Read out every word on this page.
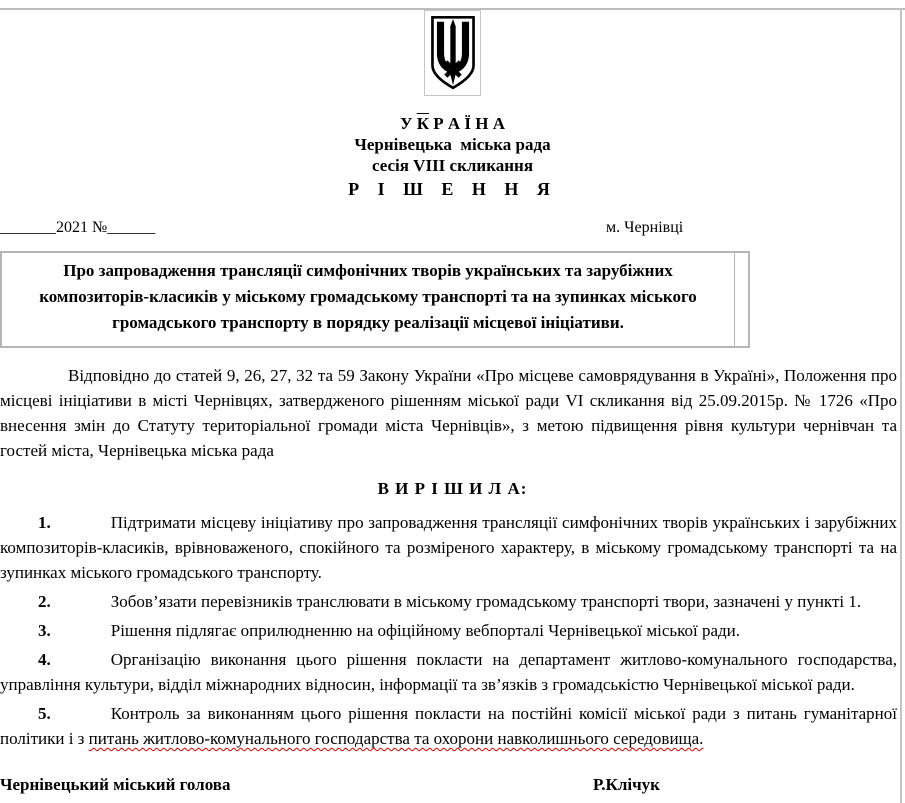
У К Р А Ї Н А
Чернівецька  міська рада
сесія VIII скликання
Р І Ш Е Н Н Я
_______2021 №______	м. Чернівці
Про запровадження трансляції симфонічних творів українських та зарубіжних композиторів-класиків у міському громадському транспорті та на зупинках міського громадського транспорту в порядку реалізації місцевої ініціативи.

Відповідно до статей 9, 26, 27, 32 та 59 Закону України «Про місцеве самоврядування в Україні», Положення про місцеві ініціативи в місті Чернівцях, затвердженого рішенням міської ради VI скликання від 25.09.2015р. № 1726 «Про внесення змін до Статуту територіальної громади міста Чернівців», з метою підвищення рівня культури чернівчан та гостей міста, Чернівецька міська рада

В И Р І Ш И Л А:

1.	Підтримати місцеву ініціативу про запровадження трансляції симфонічних творів українських і зарубіжних композиторів-класиків, врівноваженого, спокійного та розміреного характеру, в міському громадському транспорті та на зупинках міського громадського транспорту.

2.	Зобов’язати перевізників транслювати в міському громадському транспорті твори, зазначені у пункті 1.

3.	Рішення підлягає оприлюдненню на офіційному вебпорталі Чернівецької міської ради.

4.	Організацію виконання цього рішення покласти на департамент житлово-комунального господарства, управління культури, відділ міжнародних відносин, інформації та зв’язків з громадськістю Чернівецької міської ради.

5.	Контроль за виконанням цього рішення покласти на постійні комісії міської ради з питань гуманітарної політики і з питань житлово-комунального господарства та охорони навколишнього середовища.

Чернівецький міський голова	Р.Клічук
